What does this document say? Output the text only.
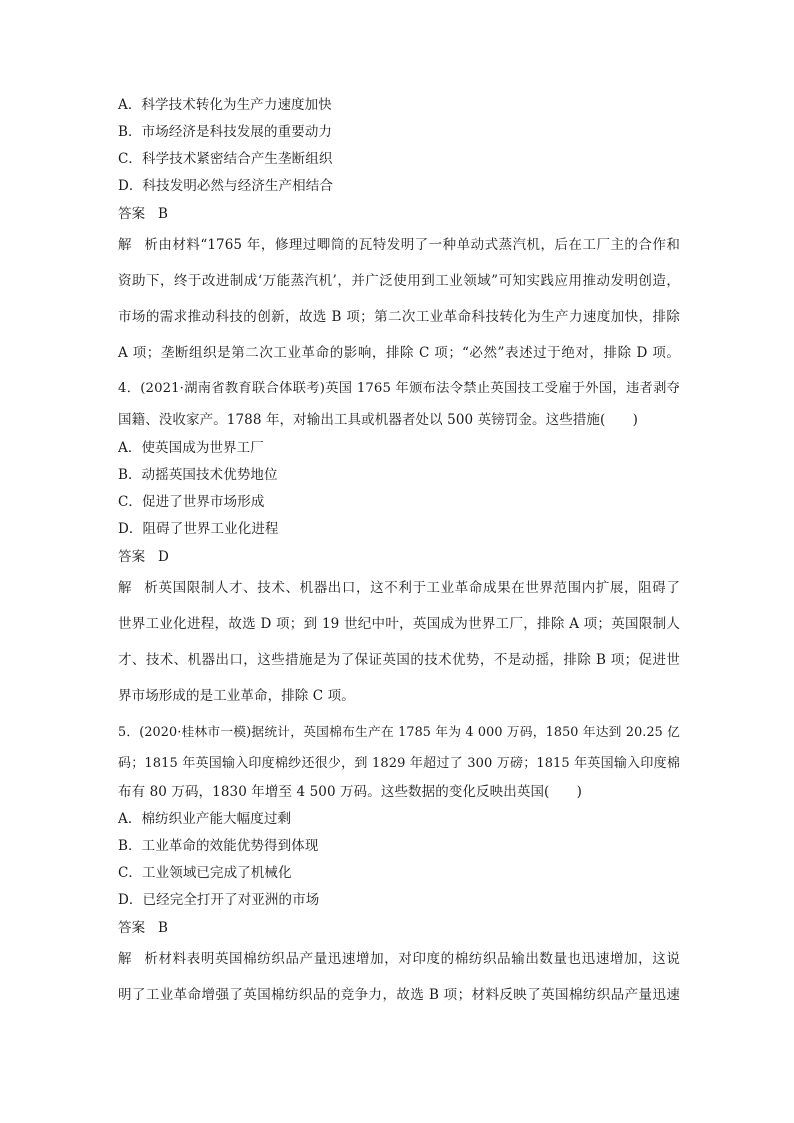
A．科学技术转化为生产力速度加快
B．市场经济是科技发展的重要动力
C．科学技术紧密结合产生垄断组织
D．科技发明必然与经济生产相结合
答案 B
解析由材料“1765 年，修理过唧筒的瓦特发明了一种单动式蒸汽机，后在工厂主的合作和
资助下，终于改进制成‘万能蒸汽机’，并广泛使用到工业领域”可知实践应用推动发明创造，
市场的需求推动科技的创新，故选 B 项；第二次工业革命科技转化为生产力速度加快，排除
A 项；垄断组织是第二次工业革命的影响，排除 C 项；“必然”表述过于绝对，排除 D 项。
4．(2021·湖南省教育联合体联考)英国 1765 年颁布法令禁止英国技工受雇于外国，违者剥夺
国籍、没收家产。1788 年，对输出工具或机器者处以 500 英镑罚金。这些措施(　　)
A．使英国成为世界工厂
B．动摇英国技术优势地位
C．促进了世界市场形成
D．阻碍了世界工业化进程
答案 D
解析英国限制人才、技术、机器出口，这不利于工业革命成果在世界范围内扩展，阻碍了
世界工业化进程，故选 D 项；到 19 世纪中叶，英国成为世界工厂，排除 A 项；英国限制人
才、技术、机器出口，这些措施是为了保证英国的技术优势，不是动摇，排除 B 项；促进世
界市场形成的是工业革命，排除 C 项。
5．(2020·桂林市一模)据统计，英国棉布生产在 1785 年为 4 000 万码，1850 年达到 20.25 亿
码；1815 年英国输入印度棉纱还很少，到 1829 年超过了 300 万磅；1815 年英国输入印度棉
布有 80 万码，1830 年增至 4 500 万码。这些数据的变化反映出英国(　　)
A．棉纺织业产能大幅度过剩
B．工业革命的效能优势得到体现
C．工业领域已完成了机械化
D．已经完全打开了对亚洲的市场
答案 B
解析材料表明英国棉纺织品产量迅速增加，对印度的棉纺织品输出数量也迅速增加，这说
明了工业革命增强了英国棉纺织品的竞争力，故选 B 项；材料反映了英国棉纺织品产量迅速
